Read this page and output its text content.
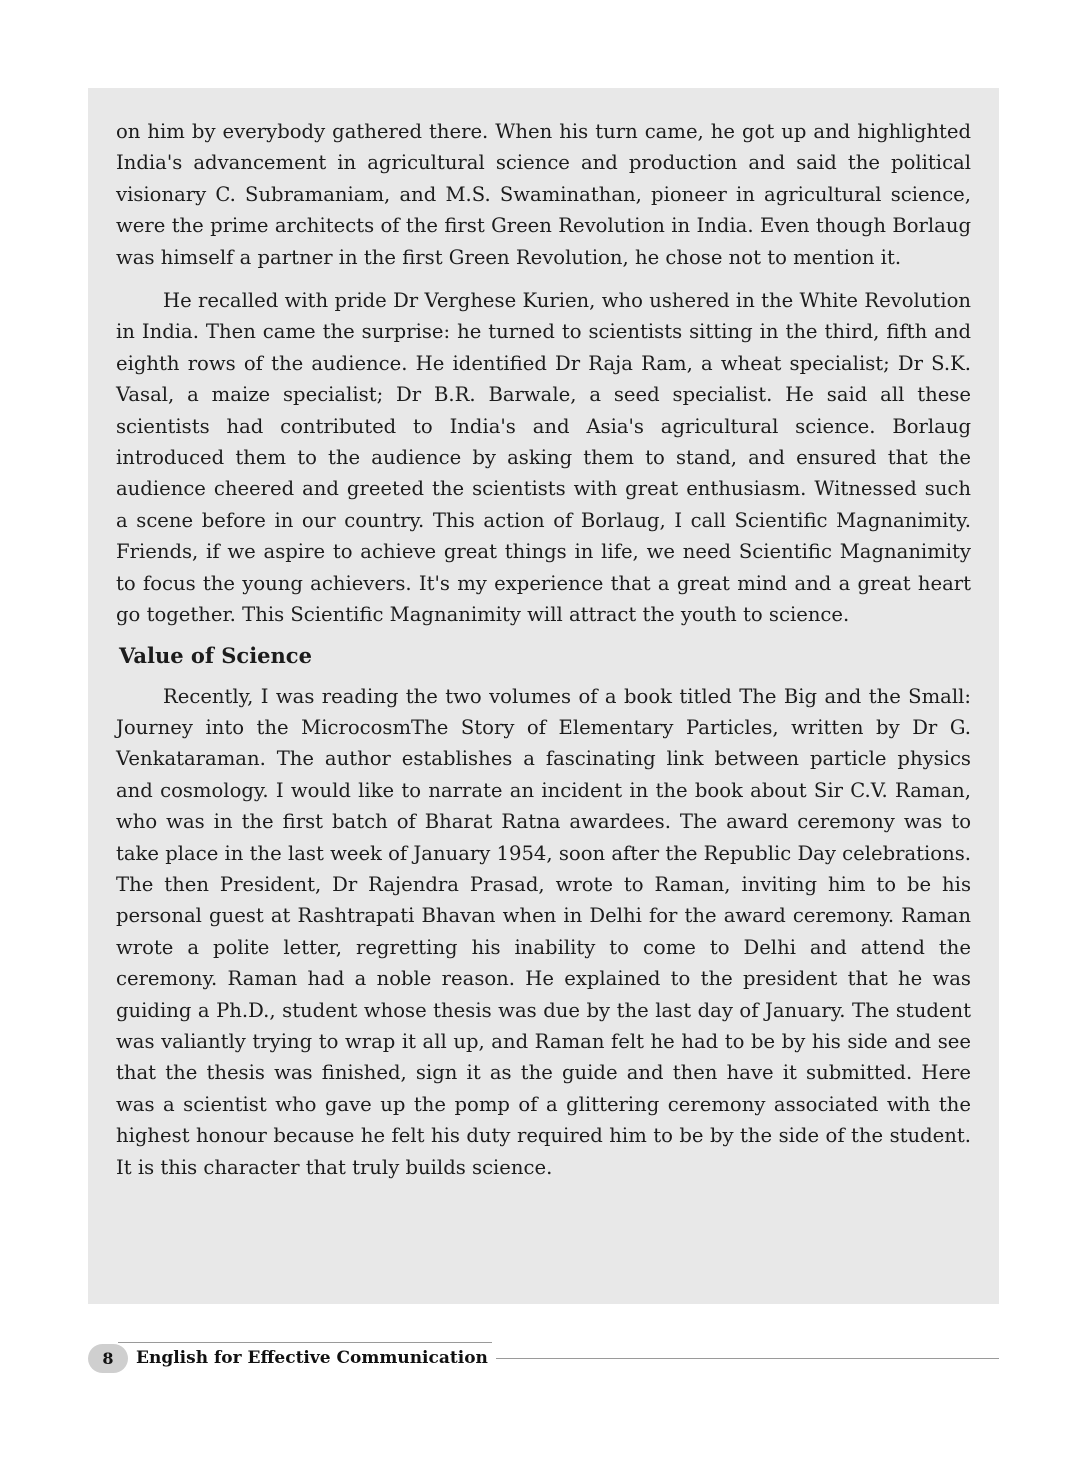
on him by everybody gathered there. When his turn came, he got up and highlighted India's advancement in agricultural science and production and said the political visionary C. Subramaniam, and M.S. Swaminathan, pioneer in agricultural science, were the prime architects of the first Green Revolution in India. Even though Borlaug was himself a partner in the first Green Revolution, he chose not to mention it.

He recalled with pride Dr Verghese Kurien, who ushered in the White Revolution in India. Then came the surprise: he turned to scientists sitting in the third, fifth and eighth rows of the audience. He identified Dr Raja Ram, a wheat specialist; Dr S.K. Vasal, a maize specialist; Dr B.R. Barwale, a seed specialist. He said all these scientists had contributed to India's and Asia's agricultural science. Borlaug introduced them to the audience by asking them to stand, and ensured that the audience cheered and greeted the scientists with great enthusiasm. Witnessed such a scene before in our country. This action of Borlaug, I call Scientific Magnanimity. Friends, if we aspire to achieve great things in life, we need Scientific Magnanimity to focus the young achievers. It's my experience that a great mind and a great heart go together. This Scientific Magnanimity will attract the youth to science.

Value of Science

Recently, I was reading the two volumes of a book titled The Big and the Small: Journey into the MicrocosmThe Story of Elementary Particles, written by Dr G. Venkataraman. The author establishes a fascinating link between particle physics and cosmology. I would like to narrate an incident in the book about Sir C.V. Raman, who was in the first batch of Bharat Ratna awardees. The award ceremony was to take place in the last week of January 1954, soon after the Republic Day celebrations. The then President, Dr Rajendra Prasad, wrote to Raman, inviting him to be his personal guest at Rashtrapati Bhavan when in Delhi for the award ceremony. Raman wrote a polite letter, regretting his inability to come to Delhi and attend the ceremony. Raman had a noble reason. He explained to the president that he was guiding a Ph.D., student whose thesis was due by the last day of January. The student was valiantly trying to wrap it all up, and Raman felt he had to be by his side and see that the thesis was finished, sign it as the guide and then have it submitted. Here was a scientist who gave up the pomp of a glittering ceremony associated with the highest honour because he felt his duty required him to be by the side of the student. It is this character that truly builds science.

8	English for Effective Communication
